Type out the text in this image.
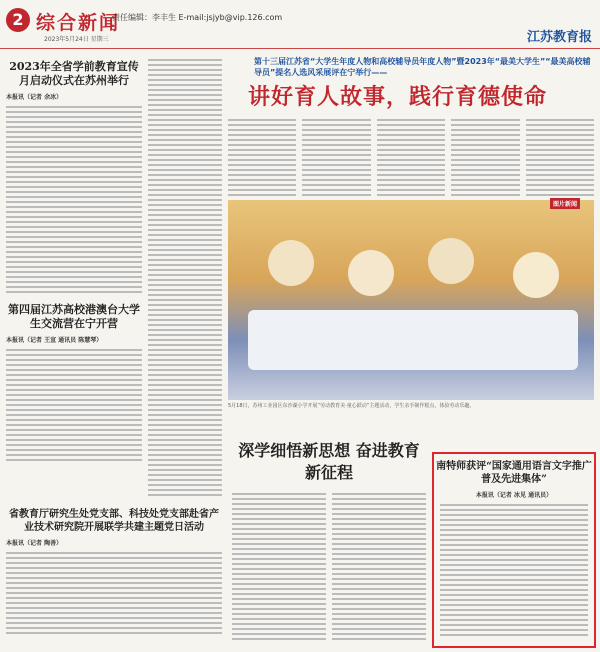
2 综合新闻
责任编辑：李丰生 E-mail:jsjyb@vip.126.com
2023年5月24日 星期三	江苏教育报
2023年全省学前教育宣传月启动仪式在苏州举行
本报讯（记者 余冰）
第四届江苏高校港澳台大学生交流营在宁开营
本报讯（记者 王宣 通讯员 陈慧琴）
省教育厅研究生处党支部、科技处党支部赴省产业技术研究院开展联学共建主题党日活动
本报讯（记者 陶善）
第十三届江苏省“大学生年度人物和高校辅导员年度人物”暨2023年“最美大学生”“最美高校辅导员”提名人选风采展评在宁举行——
讲好育人故事，践行育德使命
图片新闻
5月18日，苏州工业园区东沙湖小学开展“劳动教育美·童心跃动”主题活动，学生亲手制作糕点，体验劳动乐趣。
深学细悟新思想 奋进教育新征程	南特师获评“国家通用语言文字推广普及先进集体”
本报讯（记者 冰见 通讯员）
